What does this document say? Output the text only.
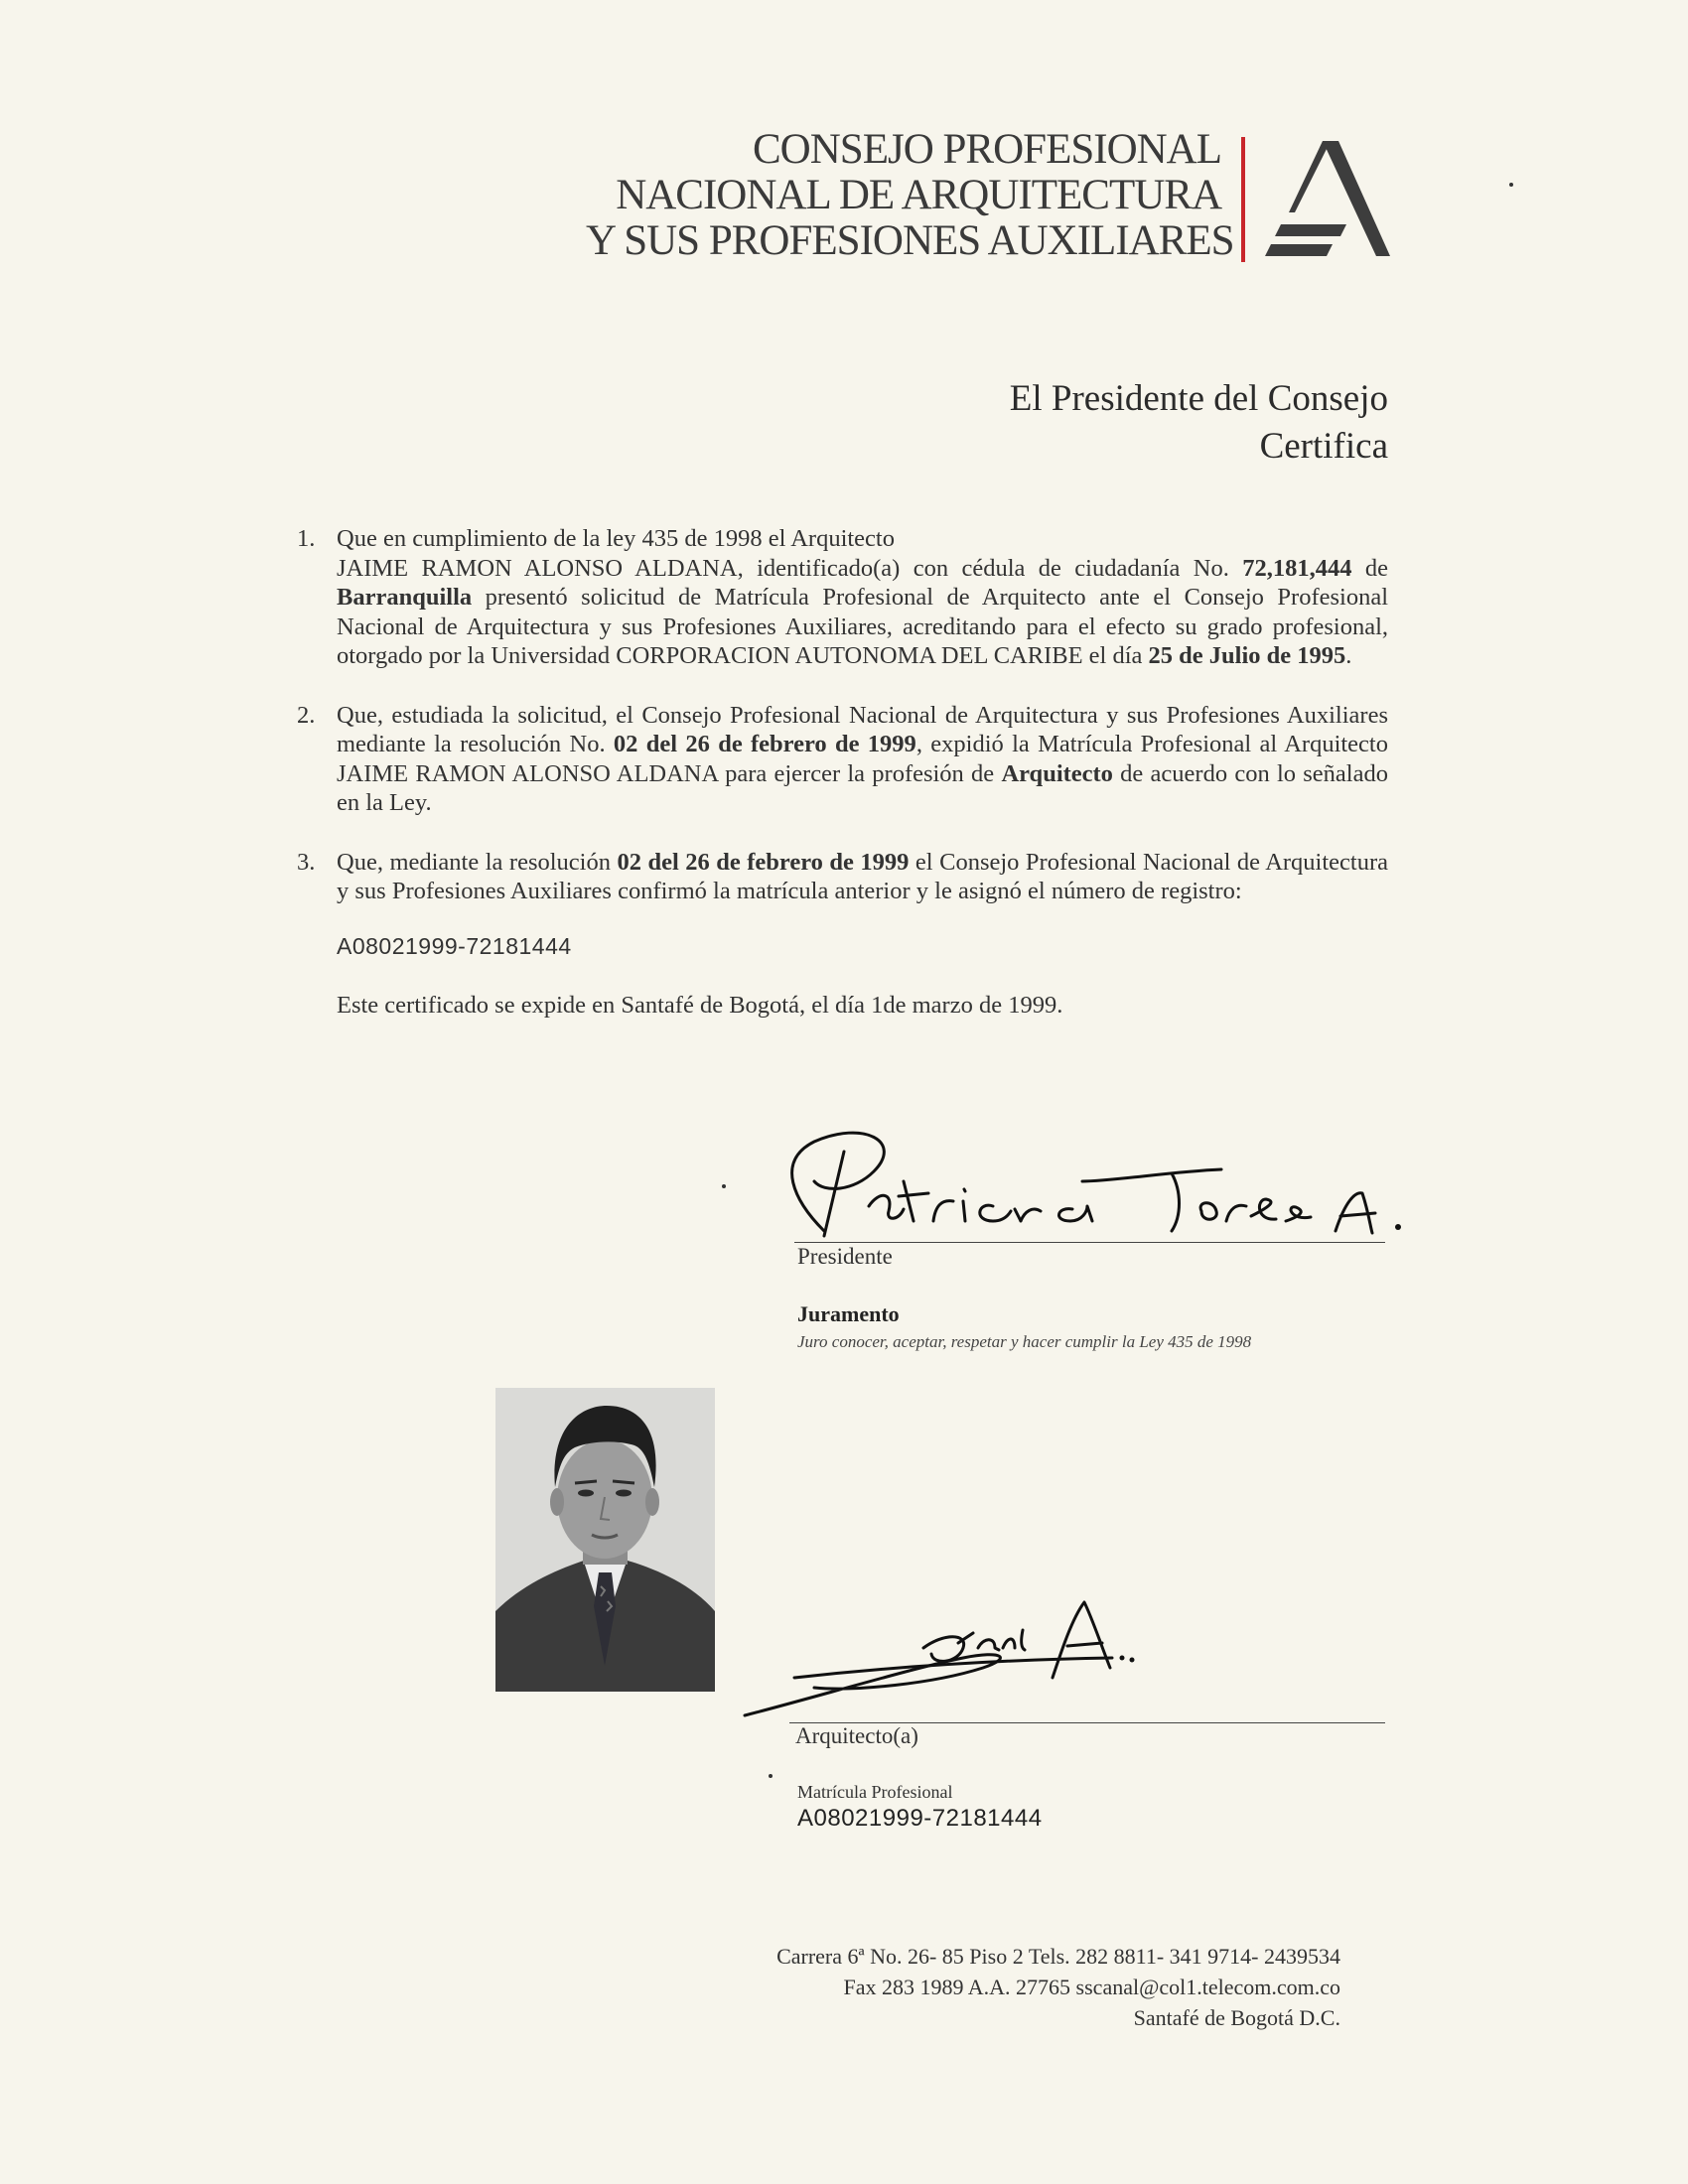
CONSEJO PROFESIONAL
NACIONAL DE ARQUITECTURA
Y SUS PROFESIONES AUXILIARES
El Presidente del Consejo
Certifica
1. Que en cumplimiento de la ley 435 de 1998 el Arquitecto
JAIME RAMON ALONSO ALDANA, identificado(a) con cédula de ciudadanía No. 72,181,444 de Barranquilla presentó solicitud de Matrícula Profesional de Arquitecto ante el Consejo Profesional Nacional de Arquitectura y sus Profesiones Auxiliares, acreditando para el efecto su grado profesional, otorgado por la Universidad CORPORACION AUTONOMA DEL CARIBE el día 25 de Julio de 1995.
2. Que, estudiada la solicitud, el Consejo Profesional Nacional de Arquitectura y sus Profesiones Auxiliares mediante la resolución No. 02 del 26 de febrero de 1999, expidió la Matrícula Profesional al Arquitecto JAIME RAMON ALONSO ALDANA para ejercer la profesión de Arquitecto de acuerdo con lo señalado en la Ley.
3. Que, mediante la resolución 02 del 26 de febrero de 1999 el Consejo Profesional Nacional de Arquitectura y sus Profesiones Auxiliares confirmó la matrícula anterior y le asignó el número de registro:
A08021999-72181444
Este certificado se expide en Santafé de Bogotá, el día 1de marzo de 1999.
Presidente
Juramento
Juro conocer, aceptar, respetar y hacer cumplir la Ley 435 de 1998
Arquitecto(a)
Matrícula Profesional
A08021999-72181444
Carrera 6ª No. 26- 85 Piso 2 Tels. 282 8811- 341 9714- 2439534
Fax 283 1989 A.A. 27765 sscanal@col1.telecom.com.co
Santafé de Bogotá D.C.
